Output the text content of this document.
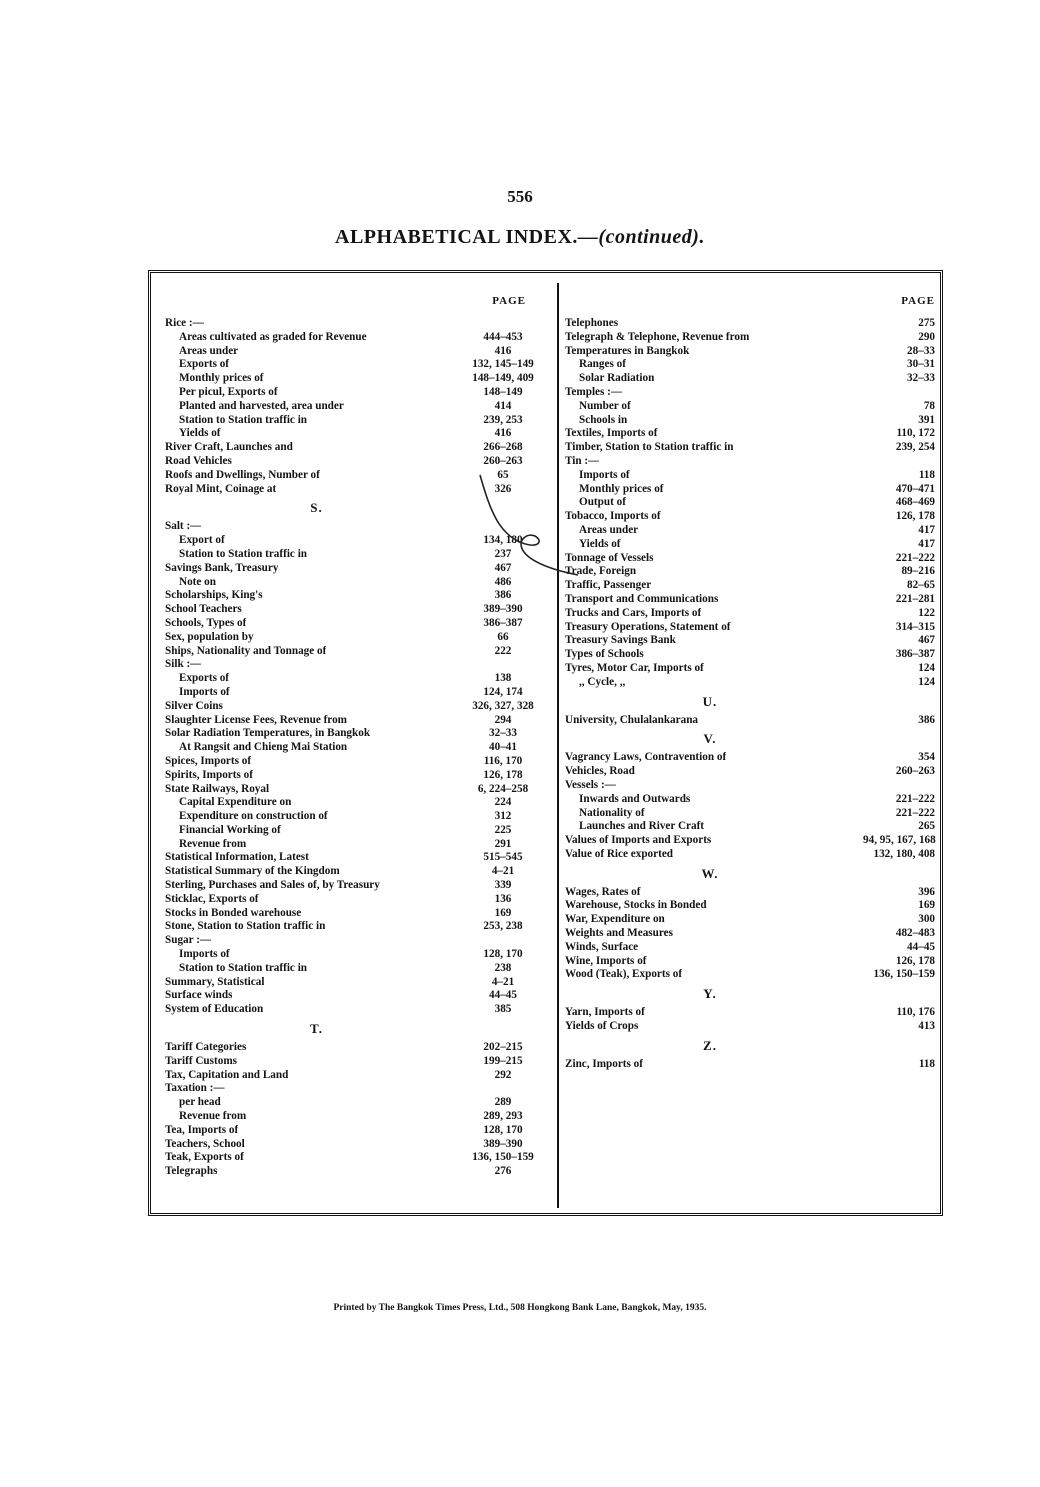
556
ALPHABETICAL INDEX.—(continued).
PAGE
Rice :—
Areas cultivated as graded for Revenue	444–453
Areas under	416
Exports of	132, 145–149
Monthly prices of	148–149, 409
Per picul, Exports of	148–149
Planted and harvested, area under	414
Station to Station traffic in	239, 253
Yields of	416
River Craft, Launches and	266–268
Road Vehicles	260–263
Roofs and Dwellings, Number of	65
Royal Mint, Coinage at	326
S.
Salt :—
Export of	134, 180
Station to Station traffic in	237
Savings Bank, Treasury	467
Note on	486
Scholarships, King's	386
School Teachers	389–390
Schools, Types of	386–387
Sex, population by	66
Ships, Nationality and Tonnage of	222
Silk :—
Exports of	138
Imports of	124, 174
Silver Coins	326, 327, 328
Slaughter License Fees, Revenue from	294
Solar Radiation Temperatures, in Bangkok	32–33
At Rangsit and Chieng Mai Station	40–41
Spices, Imports of	116, 170
Spirits, Imports of	126, 178
State Railways, Royal	6, 224–258
Capital Expenditure on	224
Expenditure on construction of	312
Financial Working of	225
Revenue from	291
Statistical Information, Latest	515–545
Statistical Summary of the Kingdom	4–21
Sterling, Purchases and Sales of, by Treasury	339
Sticklac, Exports of	136
Stocks in Bonded warehouse	169
Stone, Station to Station traffic in	253, 238
Sugar :—
Imports of	128, 170
Station to Station traffic in	238
Summary, Statistical	4–21
Surface winds	44–45
System of Education	385
T.
Tariff Categories	202–215
Tariff Customs	199–215
Tax, Capitation and Land	292
Taxation :—
per head	289
Revenue from	289, 293
Tea, Imports of	128, 170
Teachers, School	389–390
Teak, Exports of	136, 150–159
Telegraphs	276
PAGE
Telephones	275
Telegraph & Telephone, Revenue from	290
Temperatures in Bangkok	28–33
Ranges of	30–31
Solar Radiation	32–33
Temples :—
Number of	78
Schools in	391
Textiles, Imports of	110, 172
Timber, Station to Station traffic in	239, 254
Tin :—
Imports of	118
Monthly prices of	470–471
Output of	468–469
Tobacco, Imports of	126, 178
Areas under	417
Yields of	417
Tonnage of Vessels	221–222
Trade, Foreign	89–216
Traffic, Passenger	82–65
Transport and Communications	221–281
Trucks and Cars, Imports of	122
Treasury Operations, Statement of	314–315
Treasury Savings Bank	467
Types of Schools	386–387
Tyres, Motor Car, Imports of	124
,, Cycle, ,,	124
U.
University, Chulalankarana	386
V.
Vagrancy Laws, Contravention of	354
Vehicles, Road	260–263
Vessels :—
Inwards and Outwards	221–222
Nationality of	221–222
Launches and River Craft	265
Values of Imports and Exports	94, 95, 167, 168
Value of Rice exported	132, 180, 408
W.
Wages, Rates of	396
Warehouse, Stocks in Bonded	169
War, Expenditure on	300
Weights and Measures	482–483
Winds, Surface	44–45
Wine, Imports of	126, 178
Wood (Teak), Exports of	136, 150–159
Y.
Yarn, Imports of	110, 176
Yields of Crops	413
Z.
Zinc, Imports of	118
Printed by The Bangkok Times Press, Ltd., 508 Hongkong Bank Lane, Bangkok, May, 1935.
